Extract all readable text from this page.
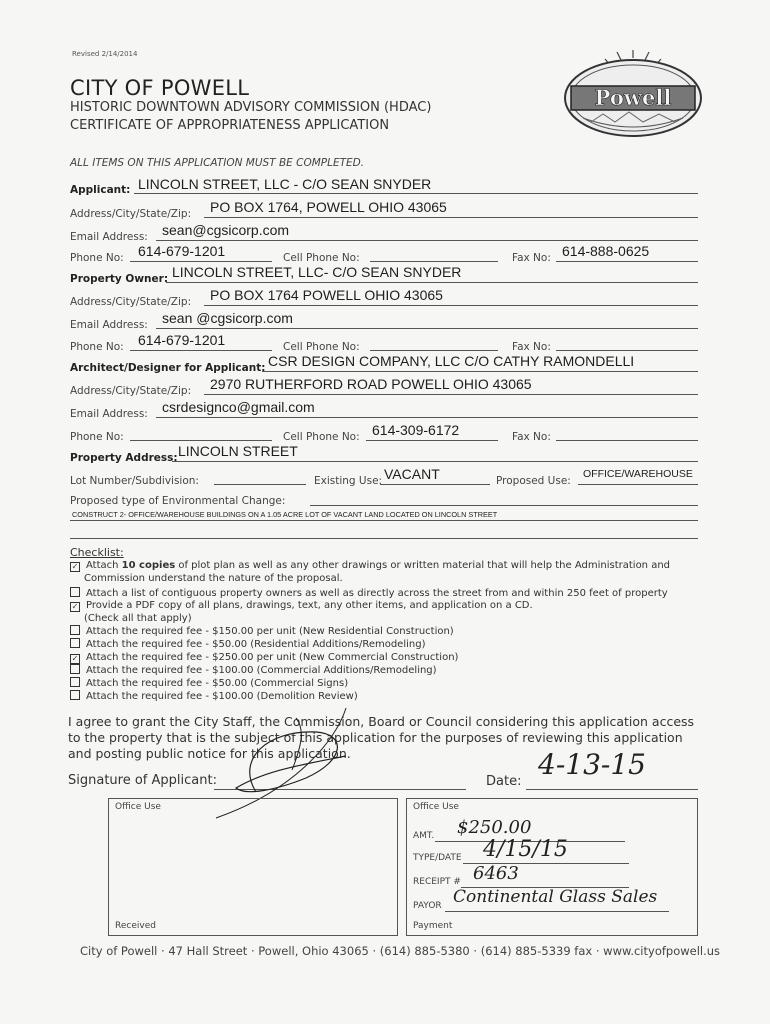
Revised 2/14/2014
CITY OF POWELL
HISTORIC DOWNTOWN ADVISORY COMMISSION (HDAC)
CERTIFICATE OF APPROPRIATENESS APPLICATION
Powell
ALL ITEMS ON THIS APPLICATION MUST BE COMPLETED.
Applicant: LINCOLN STREET, LLC - C/O SEAN SNYDER
Address/City/State/Zip: PO BOX 1764, POWELL OHIO 43065
Email Address: sean@cgsicorp.com
Phone No: 614-679-1201	Cell Phone No:	Fax No: 614-888-0625
Property Owner: LINCOLN STREET, LLC- C/O SEAN SNYDER
Address/City/State/Zip: PO BOX 1764 POWELL OHIO 43065
Email Address: sean @cgsicorp.com
Phone No: 614-679-1201	Cell Phone No:	Fax No:
Architect/Designer for Applicant: CSR DESIGN COMPANY, LLC C/O CATHY RAMONDELLI
Address/City/State/Zip: 2970 RUTHERFORD ROAD POWELL OHIO 43065
Email Address: csrdesignco@gmail.com
Phone No:	Cell Phone No: 614-309-6172	Fax No:
Property Address: LINCOLN STREET
Lot Number/Subdivision:	Existing Use: VACANT	Proposed Use:
OFFICE/WAREHOUSE
Proposed type of Environmental Change:
CONSTRUCT 2- OFFICE/WAREHOUSE BUILDINGS ON A 1.05 ACRE LOT OF VACANT LAND LOCATED ON LINCOLN STREET
Checklist:
✓ Attach 10 copies of plot plan as well as any other drawings or written material that will help the Administration and
Commission understand the nature of the proposal.
Attach a list of contiguous property owners as well as directly across the street from and within 250 feet of property
✓ Provide a PDF copy of all plans, drawings, text, any other items, and application on a CD.
(Check all that apply)
Attach the required fee - $150.00 per unit (New Residential Construction)
Attach the required fee - $50.00 (Residential Additions/Remodeling)
✓ Attach the required fee - $250.00 per unit (New Commercial Construction)
Attach the required fee - $100.00 (Commercial Additions/Remodeling)
Attach the required fee - $50.00 (Commercial Signs)
Attach the required fee - $100.00 (Demolition Review)
I agree to grant the City Staff, the Commission, Board or Council considering this application access to the property that is the subject of this application for the purposes of reviewing this application and posting public notice for this application.
Signature of Applicant:	Date:
4-13-15
Office Use
Received
Office Use
AMT. $250.00
TYPE/DATE 4/15/15
RECEIPT # 6463
PAYOR Continental Glass Sales
Payment
City of Powell · 47 Hall Street · Powell, Ohio 43065 · (614) 885-5380 · (614) 885-5339 fax · www.cityofpowell.us
